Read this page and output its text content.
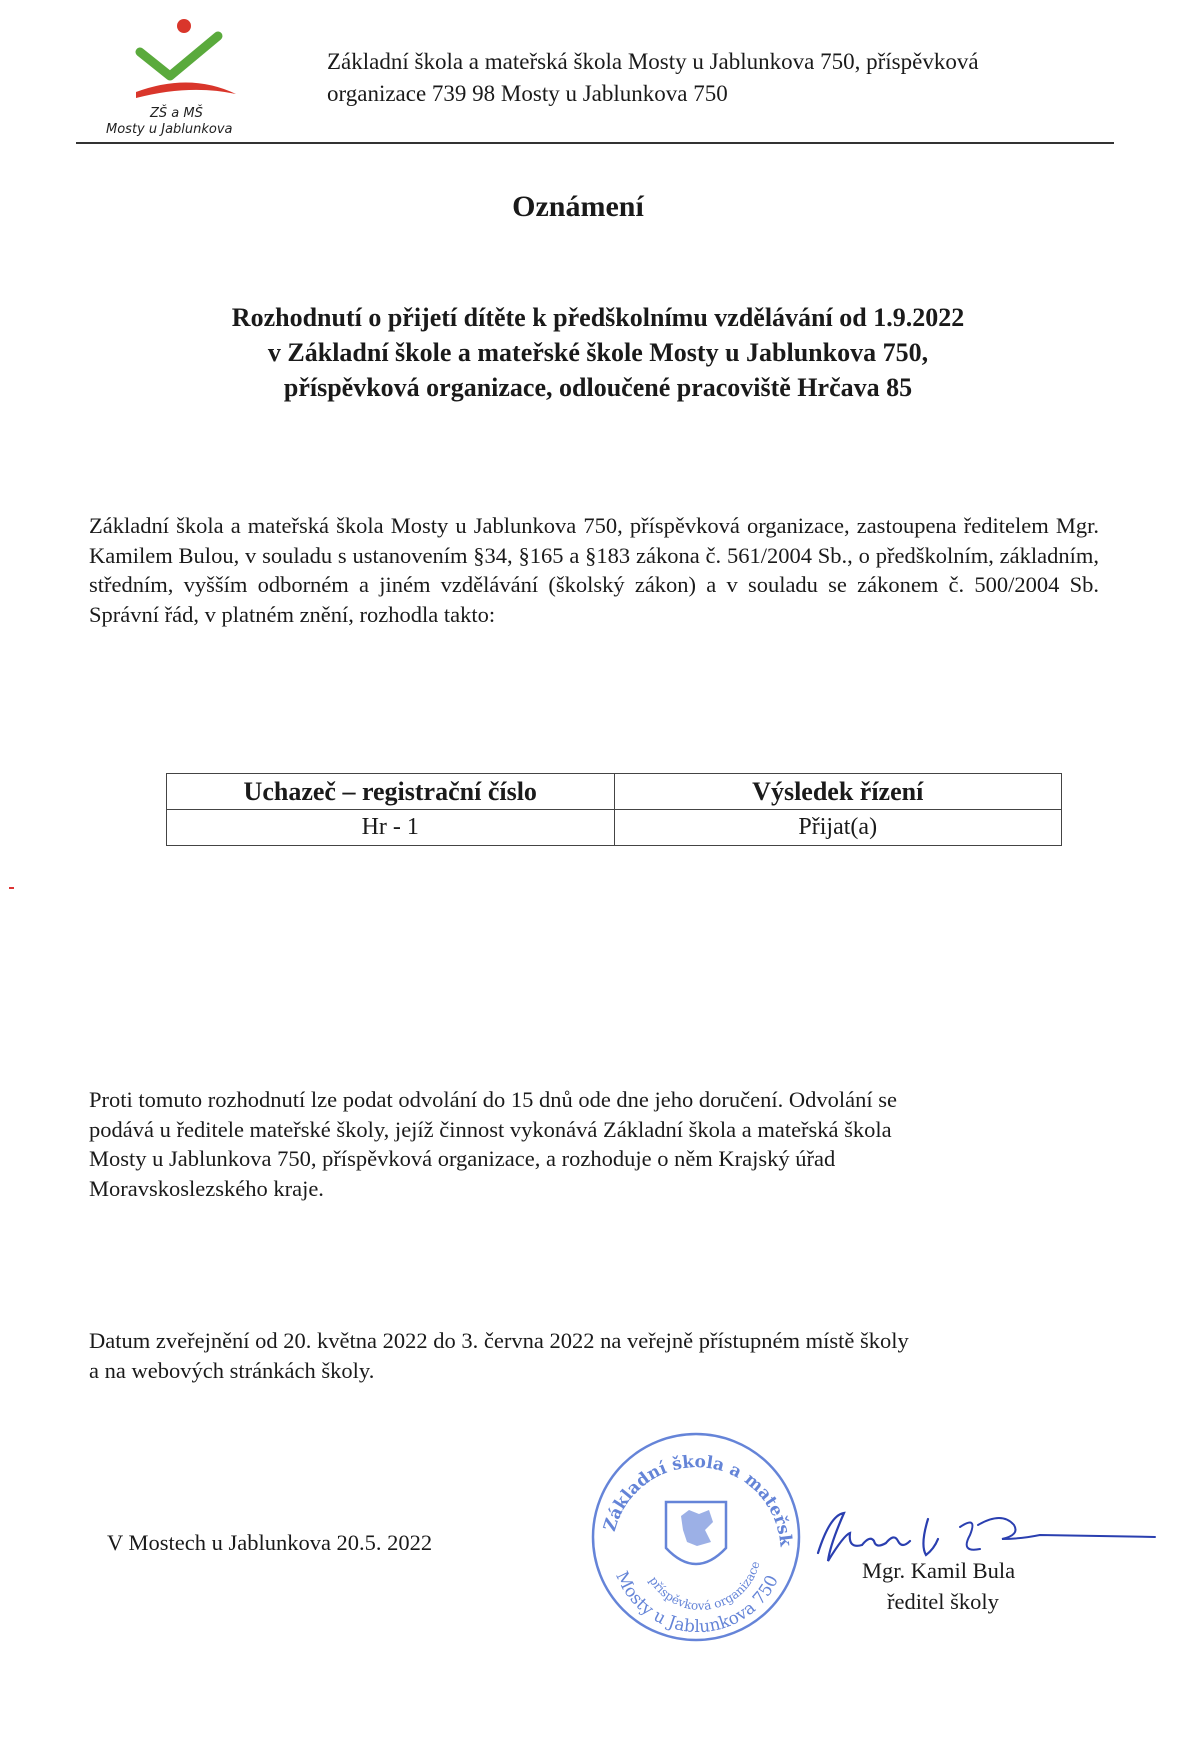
ZŠ a MŠ
Mosty u Jablunkova
Základní škola a mateřská škola Mosty u Jablunkova 750, příspěvková
organizace 739 98 Mosty u Jablunkova 750
Oznámení
Rozhodnutí o přijetí dítěte k předškolnímu vzdělávání od 1.9.2022
v Základní škole a mateřské škole Mosty u Jablunkova 750,
příspěvková organizace, odloučené pracoviště Hrčava 85
Základní škola a mateřská škola Mosty u Jablunkova 750, příspěvková organizace, zastoupena ředitelem Mgr. Kamilem Bulou, v souladu s ustanovením §34, §165 a §183 zákona č. 561/2004 Sb., o předškolním, základním, středním, vyšším odborném a jiném vzdělávání (školský zákon) a v souladu se zákonem č. 500/2004 Sb. Správní řád, v platném znění, rozhodla takto:
Uchazeč – registrační číslo	Výsledek řízení
Hr - 1	Přijat(a)
Proti tomuto rozhodnutí lze podat odvolání do 15 dnů ode dne jeho doručení. Odvolání se
podává u ředitele mateřské školy, jejíž činnost vykonává Základní škola a mateřská škola
Mosty u Jablunkova 750, příspěvková organizace, a rozhoduje o něm Krajský úřad
Moravskoslezského kraje.
Datum zveřejnění od 20. května 2022 do 3. června 2022 na veřejně přístupném místě školy
a na webových stránkách školy.
V Mostech u Jablunkova 20.5. 2022
Základní škola a mateřsk
příspěvková organizace
Mosty u Jablunkova 750	Mgr. Kamil Bula
ředitel školy
